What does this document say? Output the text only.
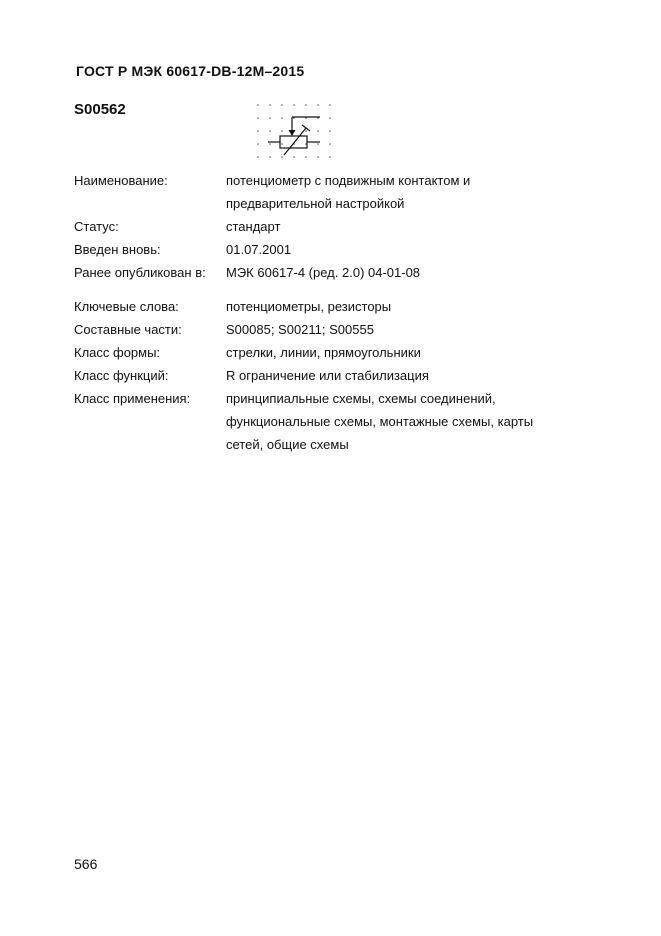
ГОСТ Р МЭК 60617-DB-12M–2015
S00562
Наименование:	потенциометр с подвижным контактом и
предварительной настройкой
Статус:	стандарт
Введен вновь:	01.07.2001
Ранее опубликован в:	МЭК 60617-4 (ред. 2.0) 04-01-08
Ключевые слова:	потенциометры, резисторы
Составные части:	S00085; S00211; S00555
Класс формы:	стрелки, линии, прямоугольники
Класс функций:	R ограничение или стабилизация
Класс применения:	принципиальные схемы, схемы соединений,
функциональные схемы, монтажные схемы, карты
сетей, общие схемы
566
